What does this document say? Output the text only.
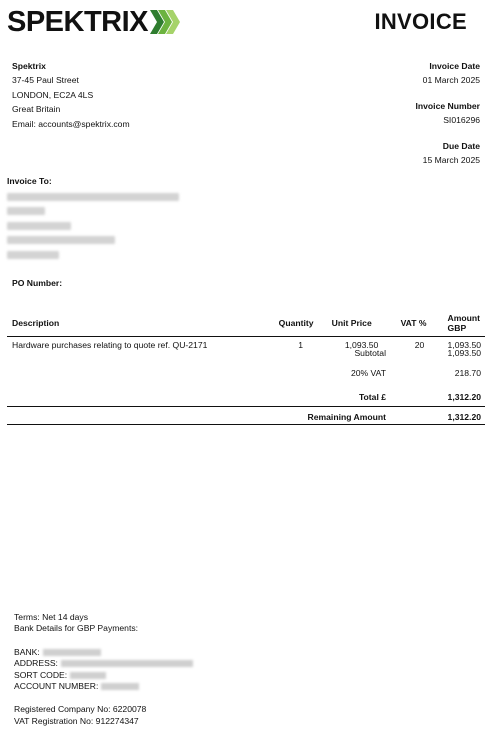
SPEKTRIX	INVOICE
Spektrix
37-45 Paul Street
LONDON, EC2A 4LS
Great Britain
Email: accounts@spektrix.com
Invoice Date
01 March 2025
Invoice Number
SI016296
Due Date
15 March 2025
Invoice To:
PO Number:
Description	Quantity	Unit Price	VAT %	Amount GBP
Hardware purchases relating to quote ref. QU-2171	1	1,093.50	20	1,093.50
Subtotal	1,093.50
20% VAT	218.70
Total £	1,312.20
Remaining Amount	1,312.20
Terms: Net 14 days
Bank Details for GBP Payments:
BANK:
ADDRESS:
SORT CODE:
ACCOUNT NUMBER:
Registered Company No: 6220078
VAT Registration No: 912274347
